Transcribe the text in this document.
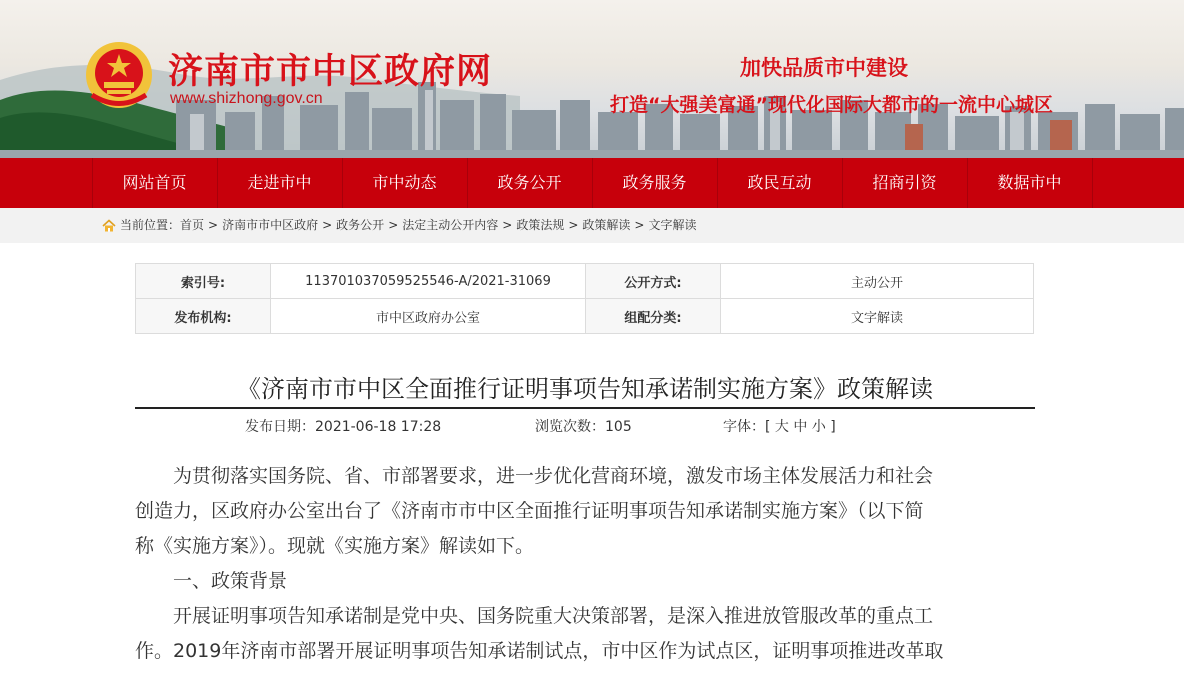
济南市市中区政府网
www.shizhong.gov.cn
加快品质市中建设
打造“大强美富通”现代化国际大都市的一流中心城区
网站首页	走进市中	市中动态	政务公开	政务服务	政民互动	招商引资	数据市中
当前位置： 首页 > 济南市市中区政府 > 政务公开 > 法定主动公开内容 > 政策法规 > 政策解读 > 文字解读
索引号:	113701037059525546-A/2021-31069	公开方式:	主动公开
发布机构:	市中区政府办公室	组配分类:	文字解读
《济南市市中区全面推行证明事项告知承诺制实施方案》政策解读
发布日期：2021-06-18 17:28	浏览次数：105	字体：[ 大 中 小 ]
为贯彻落实国务院、省、市部署要求，进一步优化营商环境，激发市场主体发展活力和社会
创造力，区政府办公室出台了《济南市市中区全面推行证明事项告知承诺制实施方案》（以下简
称《实施方案》）。现就《实施方案》解读如下。
一、政策背景
开展证明事项告知承诺制是党中央、国务院重大决策部署，是深入推进放管服改革的重点工
作。2019年济南市部署开展证明事项告知承诺制试点，市中区作为试点区，证明事项推进改革取
